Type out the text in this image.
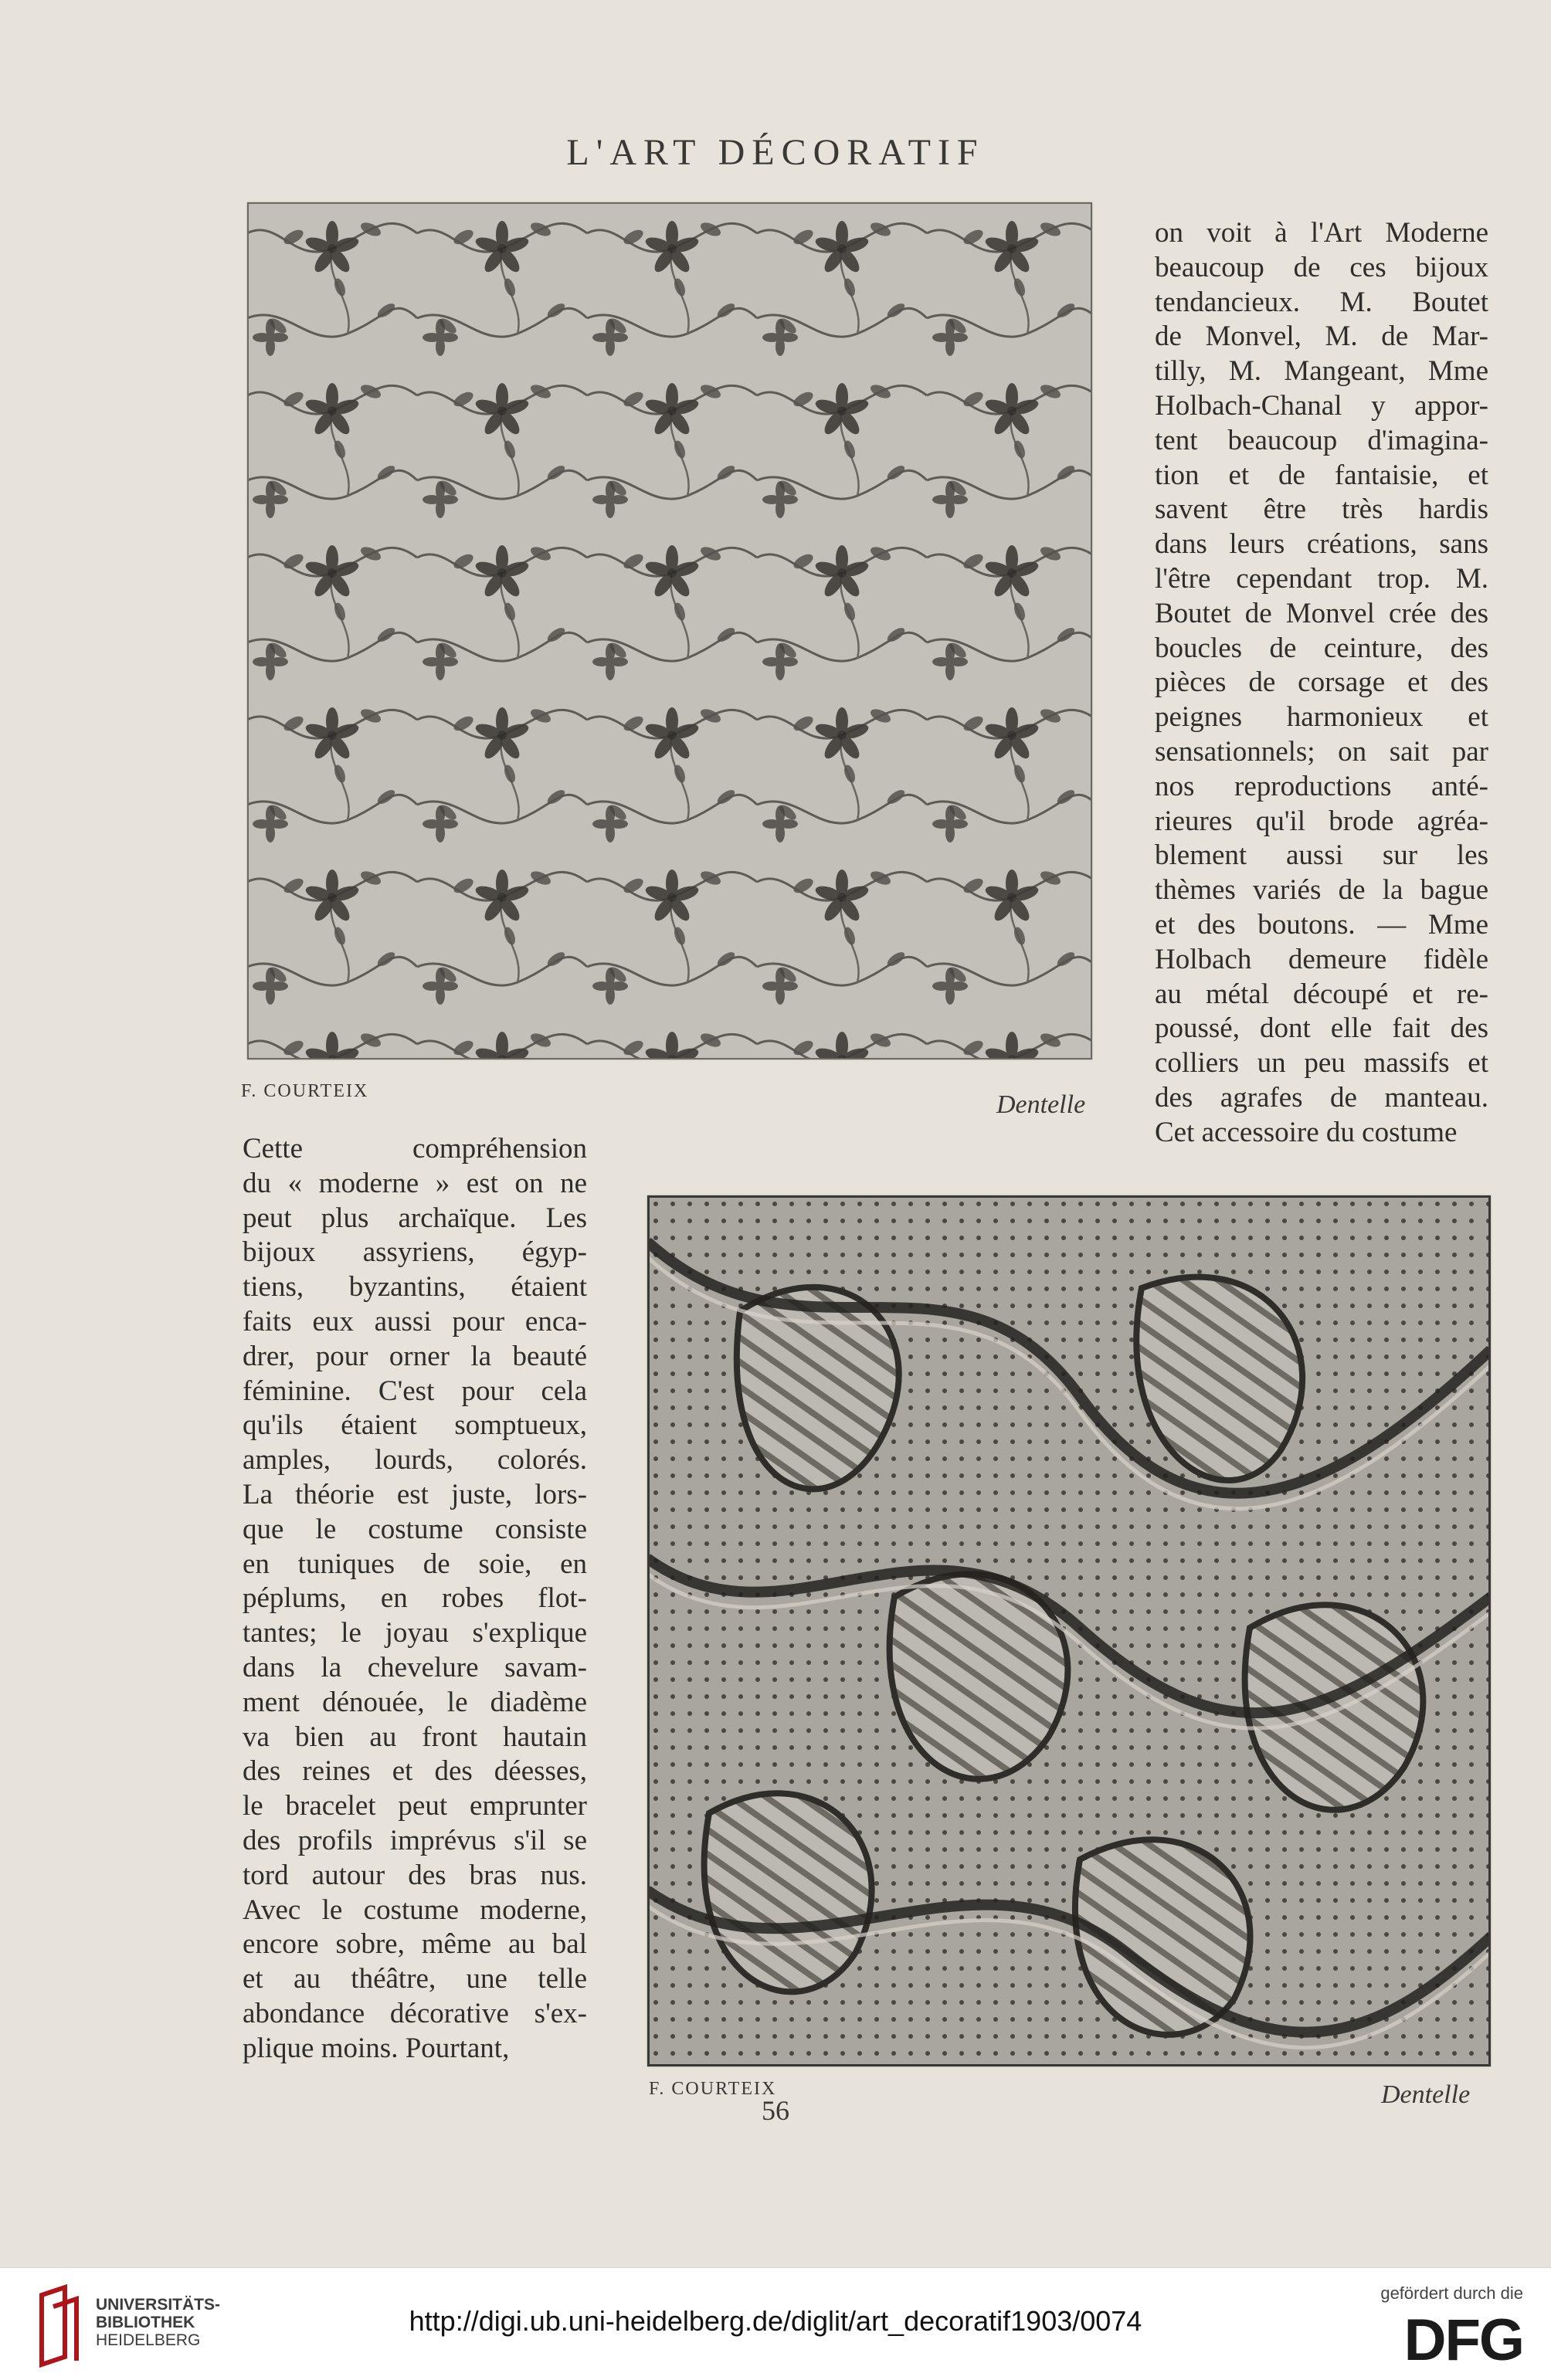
L'ART DÉCORATIF
F. COURTEIX	Dentelle
on voit à l'Art Moderne
beaucoup de ces bijoux
tendancieux. M. Boutet
de Monvel, M. de Mar-
tilly, M. Mangeant, Mme
Holbach-Chanal y appor-
tent beaucoup d'imagina-
tion et de fantaisie, et
savent être très hardis
dans leurs créations, sans
l'être cependant trop. M.
Boutet de Monvel crée des
boucles de ceinture, des
pièces de corsage et des
peignes harmonieux et
sensationnels; on sait par
nos reproductions anté-
rieures qu'il brode agréa-
blement aussi sur les
thèmes variés de la bague
et des boutons. — Mme
Holbach demeure fidèle
au métal découpé et re-
poussé, dont elle fait des
colliers un peu massifs et
des agrafes de manteau.
Cet accessoire du costume
Cette compréhension
du « moderne » est on ne
peut plus archaïque. Les
bijoux assyriens, égyp-
tiens, byzantins, étaient
faits eux aussi pour enca-
drer, pour orner la beauté
féminine. C'est pour cela
qu'ils étaient somptueux,
amples, lourds, colorés.
La théorie est juste, lors-
que le costume consiste
en tuniques de soie, en
péplums, en robes flot-
tantes; le joyau s'explique
dans la chevelure savam-
ment dénouée, le diadème
va bien au front hautain
des reines et des déesses,
le bracelet peut emprunter
des profils imprévus s'il se
tord autour des bras nus.
Avec le costume moderne,
encore sobre, même au bal
et au théâtre, une telle
abondance décorative s'ex-
plique moins. Pourtant,
F. COURTEIX	Dentelle
56
UNIVERSITÄTS-
BIBLIOTHEK
HEIDELBERG
http://digi.ub.uni-heidelberg.de/diglit/art_decoratif1903/0074
gefördert durch die
DFG
